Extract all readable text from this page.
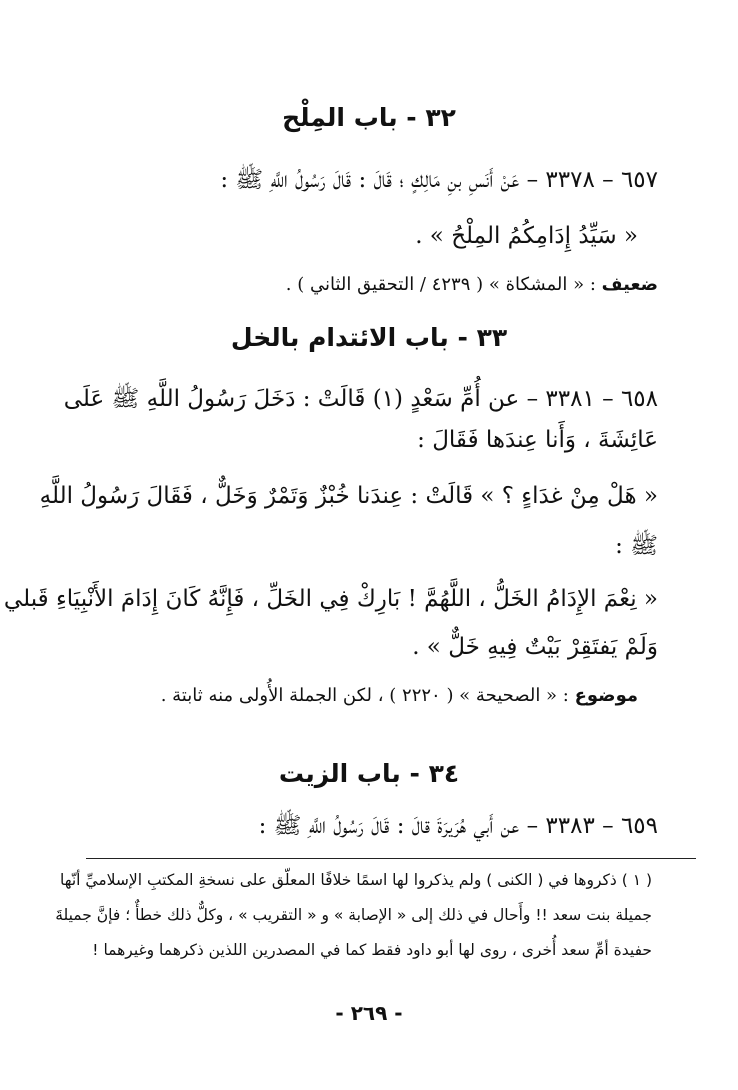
٣٢ - باب المِلْح
٦٥٧ – ٣٣٧٨ – عَنْ أَنَسِ بنِ مَالِكٍ ؛ قَالَ : قَالَ رَسُولُ اللَّهِ ﷺ :
« سَيِّدُ إِدَامِكُمُ المِلْحُ » .
ضعيف : « المشكاة » ( ٤٢٣٩ / التحقيق الثاني ) .
٣٣ - باب الائتدام بالخل
٦٥٨ – ٣٣٨١ – عن أُمِّ سَعْدٍ (١) قَالَتْ : دَخَلَ رَسُولُ اللَّهِ ﷺ عَلَى
عَائِشَةَ ، وَأَنا عِندَها فَقَالَ :
« هَلْ مِنْ غدَاءٍ ؟ » قَالَتْ : عِندَنا خُبْزٌ وَتَمْرٌ وَخَلٌّ ، فَقَالَ رَسُولُ اللَّهِ
ﷺ :
« نِعْمَ الإِدَامُ الخَلُّ ، اللَّهُمَّ ! بَارِكْ فِي الخَلِّ ، فَإِنَّهُ كَانَ إِدَامَ الأَنْبِيَاءِ قَبلي
وَلَمْ يَفتَقِرْ بَيْتٌ فِيهِ خَلٌّ » .
موضوع : « الصحيحة » ( ٢٢٢٠ ) ، لكن الجملة الأُولى منه ثابتة .
٣٤ - باب الزيت
٦٥٩ – ٣٣٨٣ – عن أَبي هُرَيرَةَ قالَ : قَالَ رَسُولُ اللَّهِ ﷺ :
( ١ ) ذكروها في ( الكنى ) ولم يذكروا لها اسمًا خلافًا المعلّق على نسخةِ المكتبِ الإسلاميِّ أنّها
جميلة بنت سعد !! وأَحال في ذلك إلى « الإصابة » و « التقريب » ، وكلٌّ ذلك خطأٌ ؛ فإنَّ جميلةَ
حفيدة أمِّ سعد أُخرى ، روى لها أبو داود فقط كما في المصدرين اللذين ذكرهما وغيرهما !
- ٢٦٩ -
